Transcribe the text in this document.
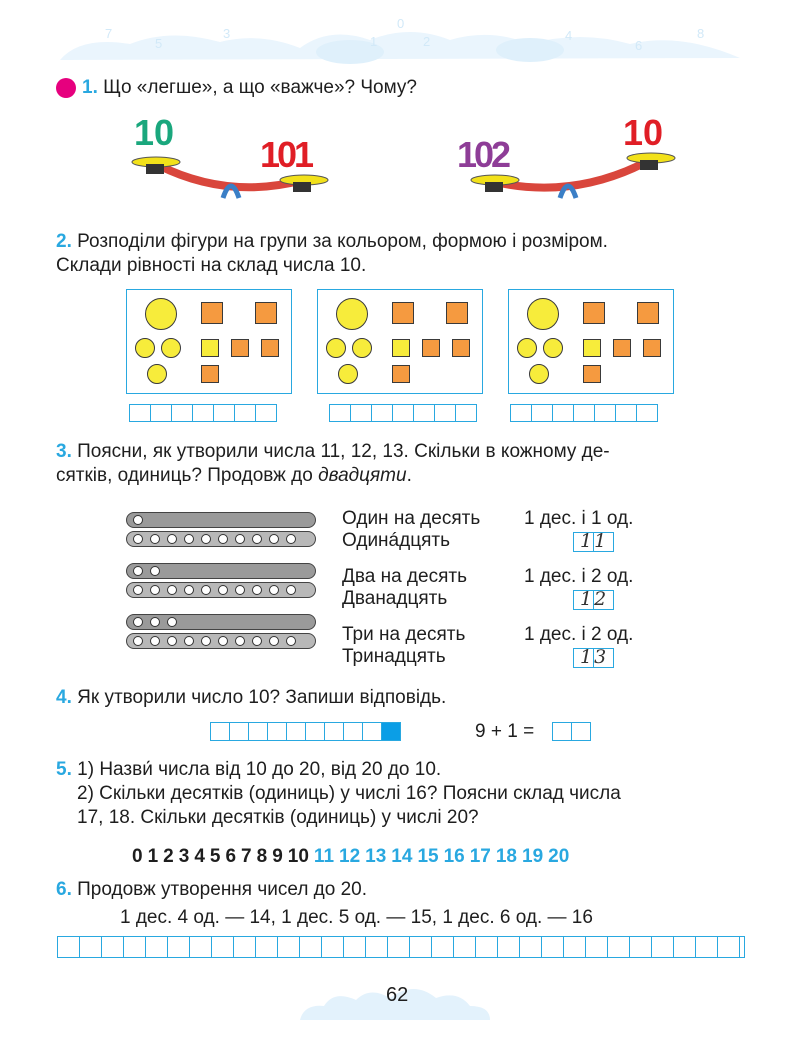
7
5
3
1
0
2	4
6
8
1. Що «легше», а що «важче»? Чому?
10
101	102
10
2. Розподіли фігури на групи за кольором, формою і розміром.
Склади рівності на склад числа 10.
3. Поясни, як утворили числа 11, 12, 13. Скільки в кожному де-
сятків, одиниць? Продовж до двадцяти.
Один на десять
Одинáдцять
1 дес. і 1 од.
11
Два на десять
Дванадцять
1 дес. і 2 од.
12
Три на десять
Тринадцять
1 дес. і 2 од.
13
4. Як утворили число 10? Запиши відповідь.
9 + 1 =
5. 1) Назви́ числа від 10 до 20, від 20 до 10.
2) Скільки десятків (одиниць) у числі 16? Поясни склад числа
17, 18. Скільки десятків (одиниць) у числі 20?
0 1 2 3 4 5 6 7 8 9 10 11 12 13 14 15 16 17 18 19 20
6. Продовж утворення чисел до 20.
1 дес. 4 од. — 14, 1 дес. 5 од. — 15, 1 дес. 6 од. — 16
62
